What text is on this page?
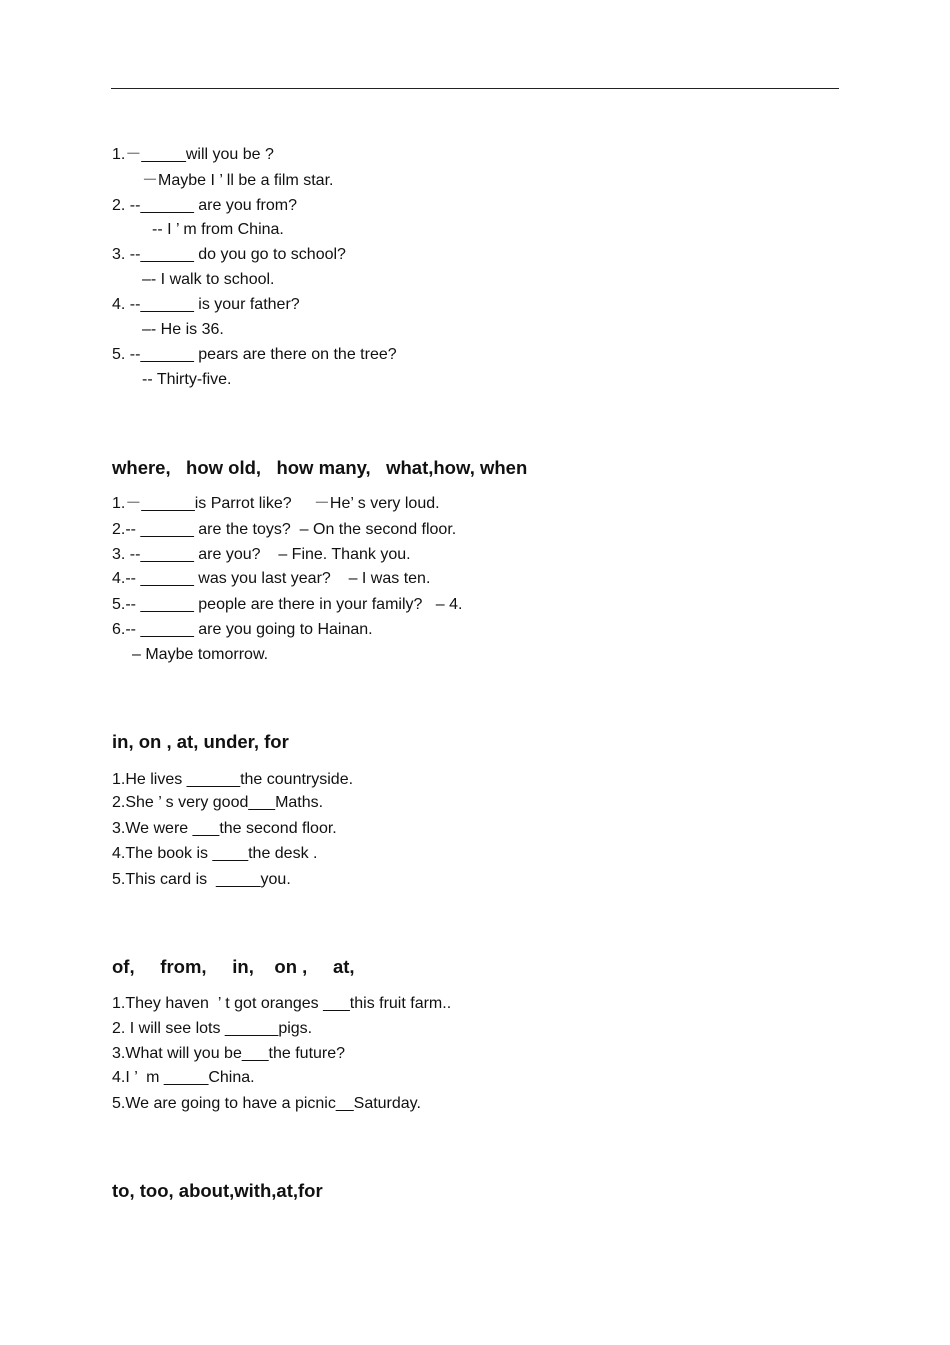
1.－_____will you be ?
－Maybe I ’ ll be a film star.
2. --______ are you from?
-- I ’ m from China.
3. --______ do you go to school?
–- I walk to school.
4. --______ is your father?
–- He is 36.
5. --______ pears are there on the tree?
-- Thirty-five.
where,   how old,   how many,   what,how, when
1.－______is Parrot like?     －He’ s very loud.
2.-- ______ are the toys?  – On the second floor.
3. --______ are you?    – Fine. Thank you.
4.-- ______ was you last year?    – I was ten.
5.-- ______ people are there in your family?   – 4.
6.-- ______ are you going to Hainan.
– Maybe tomorrow.
in, on , at, under, for
1.He lives ______the countryside.
2.She ’ s very good___Maths.
3.We were ___the second floor.
4.The book is ____the desk .
5.This card is  _____you.
of,     from,     in,    on ,     at,
1.They haven  ’ t got oranges ___this fruit farm..
2. I will see lots ______pigs.
3.What will you be___the future?
4.I ’  m _____China.
5.We are going to have a picnic__Saturday.
to, too, about,with,at,for
